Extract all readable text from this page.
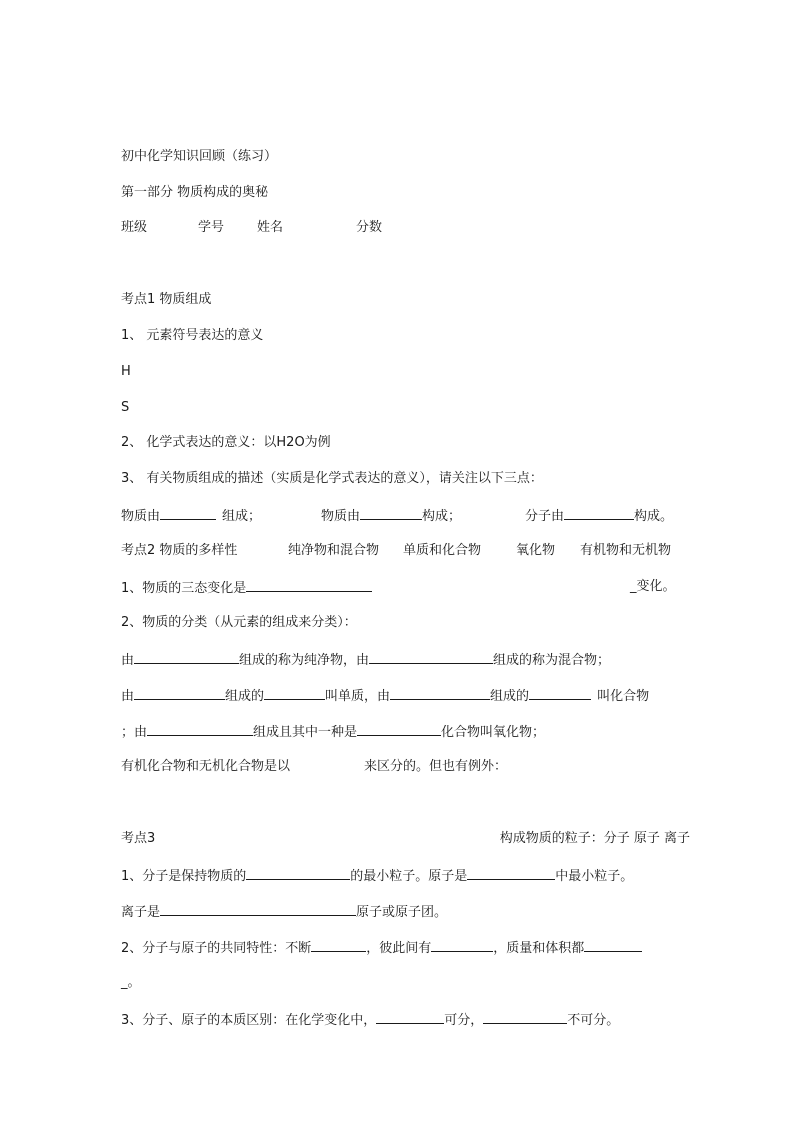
初中化学知识回顾（练习）
第一部分 物质构成的奥秘
班级	学号	姓名	分数
考点1 物质组成
1、 元素符号表达的意义
H
S
2、 化学式表达的意义：以H2O为例
3、 有关物质组成的描述（实质是化学式表达的意义），请关注以下三点：
物质由	组成；	物质由	构成；	分子由	构成。
考点2 物质的多样性	纯净物和混合物 单质和化合物	氧化物 有机物和无机物
1、物质的三态变化是	_变化。
2、物质的分类（从元素的组成来分类）：
由	组成的称为纯净物，由	组成的称为混合物；
由	组成的	叫单质，由	组成的	叫化合物
；由	组成且其中一种是	化合物叫氧化物；
有机化合物和无机化合物是以	来区分的。但也有例外：
考点3	构成物质的粒子：分子 原子 离子
1、分子是保持物质的	的最小粒子。原子是	中最小粒子。
离子是	原子或原子团。
2、分子与原子的共同特性：不断	，彼此间有	，质量和体积都
_。
3、分子、原子的本质区别：在化学变化中，	可分，	不可分。
